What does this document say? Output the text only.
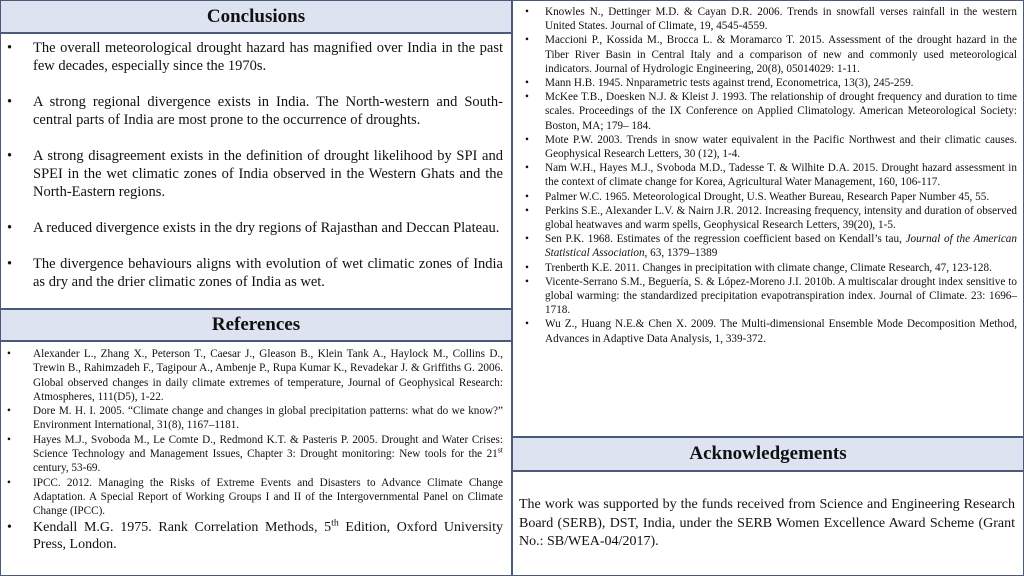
Conclusions
• The overall meteorological drought hazard has magnified over India in the past few decades, especially since the 1970s.
• A strong regional divergence exists in India. The North-western and South-central parts of India are most prone to the occurrence of droughts.
• A strong disagreement exists in the definition of drought likelihood by SPI and SPEI in the wet climatic zones of India observed in the Western Ghats and the North-Eastern regions.
• A reduced divergence exists in the dry regions of Rajasthan and Deccan Plateau.
• The divergence behaviours aligns with evolution of wet climatic zones of India as dry and the drier climatic zones of India as wet.
References
• Alexander L., Zhang X., Peterson T., Caesar J., Gleason B., Klein Tank A., Haylock M., Collins D., Trewin B., Rahimzadeh F., Tagipour A., Ambenje P., Rupa Kumar K., Revadekar J. & Griffiths G. 2006. Global observed changes in daily climate extremes of temperature, Journal of Geophysical Research: Atmospheres, 111(D5), 1-22.
• Dore M. H. I. 2005. “Climate change and changes in global precipitation patterns: what do we know?” Environment International, 31(8), 1167–1181.
• Hayes M.J., Svoboda M., Le Comte D., Redmond K.T. & Pasteris P. 2005. Drought and Water Crises: Science Technology and Management Issues, Chapter 3: Drought monitoring: New tools for the 21st century, 53-69.
• IPCC. 2012. Managing the Risks of Extreme Events and Disasters to Advance Climate Change Adaptation. A Special Report of Working Groups I and II of the Intergovernmental Panel on Climate Change (IPCC).
• Kendall M.G. 1975. Rank Correlation Methods, 5th Edition, Oxford University Press, London.
• Knowles N., Dettinger M.D. & Cayan D.R. 2006. Trends in snowfall verses rainfall in the western United States. Journal of Climate, 19, 4545-4559.
• Maccioni P., Kossida M., Brocca L. & Moramarco T. 2015. Assessment of the drought hazard in the Tiber River Basin in Central Italy and a comparison of new and commonly used meteorological indicators. Journal of Hydrologic Engineering, 20(8), 05014029: 1-11.
• Mann H.B. 1945. Nnparametric tests against trend, Econometrica, 13(3), 245-259.
• McKee T.B., Doesken N.J. & Kleist J. 1993. The relationship of drought frequency and duration to time scales. Proceedings of the IX Conference on Applied Climatology. American Meteorological Society: Boston, MA; 179– 184.
• Mote P.W. 2003. Trends in snow water equivalent in the Pacific Northwest and their climatic causes. Geophysical Research Letters, 30 (12), 1-4.
• Nam W.H., Hayes M.J., Svoboda M.D., Tadesse T. & Wilhite D.A. 2015. Drought hazard assessment in the context of climate change for Korea, Agricultural Water Management, 160, 106-117.
• Palmer W.C. 1965. Meteorological Drought, U.S. Weather Bureau, Research Paper Number 45, 55.
• Perkins S.E., Alexander L.V. & Nairn J.R. 2012. Increasing frequency, intensity and duration of observed global heatwaves and warm spells, Geophysical Research Letters, 39(20), 1-5.
• Sen P.K. 1968. Estimates of the regression coefficient based on Kendall’s tau, Journal of the American Statistical Association, 63, 1379–1389
• Trenberth K.E. 2011. Changes in precipitation with climate change, Climate Research, 47, 123-128.
• Vicente-Serrano S.M., Beguería, S. & López-Moreno J.I. 2010b. A multiscalar drought index sensitive to global warming: the standardized precipitation evapotranspiration index. Journal of Climate. 23: 1696– 1718.
• Wu Z., Huang N.E.& Chen X. 2009. The Multi-dimensional Ensemble Mode Decomposition Method, Advances in Adaptive Data Analysis, 1, 339-372.
Acknowledgements
The work was supported by the funds received from Science and Engineering Research Board (SERB), DST, India, under the SERB Women Excellence Award Scheme (Grant No.: SB/WEA-04/2017).
